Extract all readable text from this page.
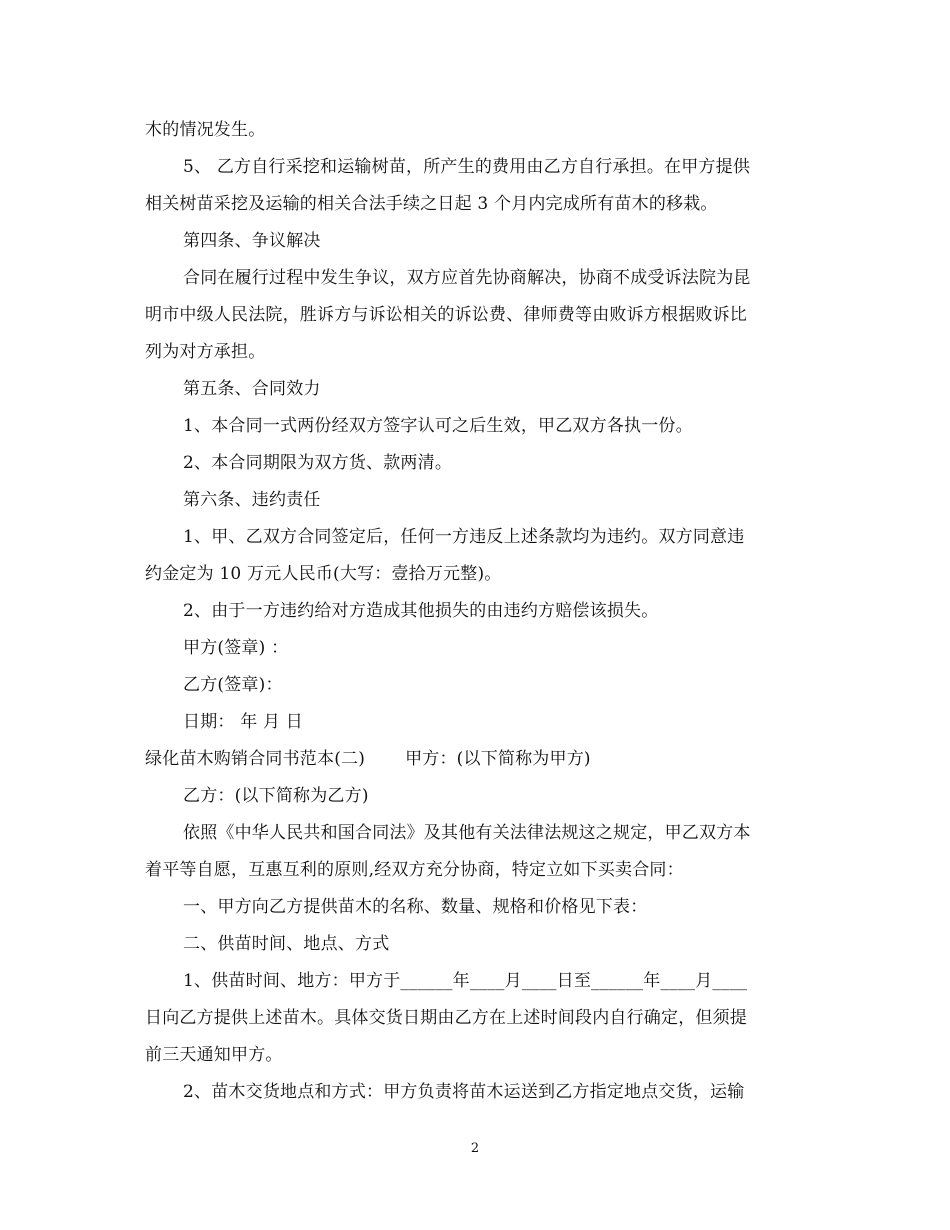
木的情况发生。
5、 乙方自行采挖和运输树苗，所产生的费用由乙方自行承担。在甲方提供
相关树苗采挖及运输的相关合法手续之日起 3 个月内完成所有苗木的移栽。
第四条、争议解决
合同在履行过程中发生争议，双方应首先协商解决，协商不成受诉法院为昆
明市中级人民法院，胜诉方与诉讼相关的诉讼费、律师费等由败诉方根据败诉比
列为对方承担。
第五条、合同效力
1、本合同一式两份经双方签字认可之后生效，甲乙双方各执一份。
2、本合同期限为双方货、款两清。
第六条、违约责任
1、甲、乙双方合同签定后，任何一方违反上述条款均为违约。双方同意违
约金定为 10 万元人民币(大写：壹拾万元整)。
2、由于一方违约给对方造成其他损失的由违约方赔偿该损失。
甲方(签章) ：
乙方(签章)：
日期： 年 月 日
绿化苗木购销合同书范本(二)　　 甲方：(以下简称为甲方)
乙方：(以下简称为乙方)
依照《中华人民共和国合同法》及其他有关法律法规这之规定，甲乙双方本
着平等自愿，互惠互利的原则,经双方充分协商，特定立如下买卖合同：
一、甲方向乙方提供苗木的名称、数量、规格和价格见下表：
二、供苗时间、地点、方式
1、供苗时间、地方：甲方于______年____月____日至______年____月____
日向乙方提供上述苗木。具体交货日期由乙方在上述时间段内自行确定，但须提
前三天通知甲方。
2、苗木交货地点和方式：甲方负责将苗木运送到乙方指定地点交货，运输
2
